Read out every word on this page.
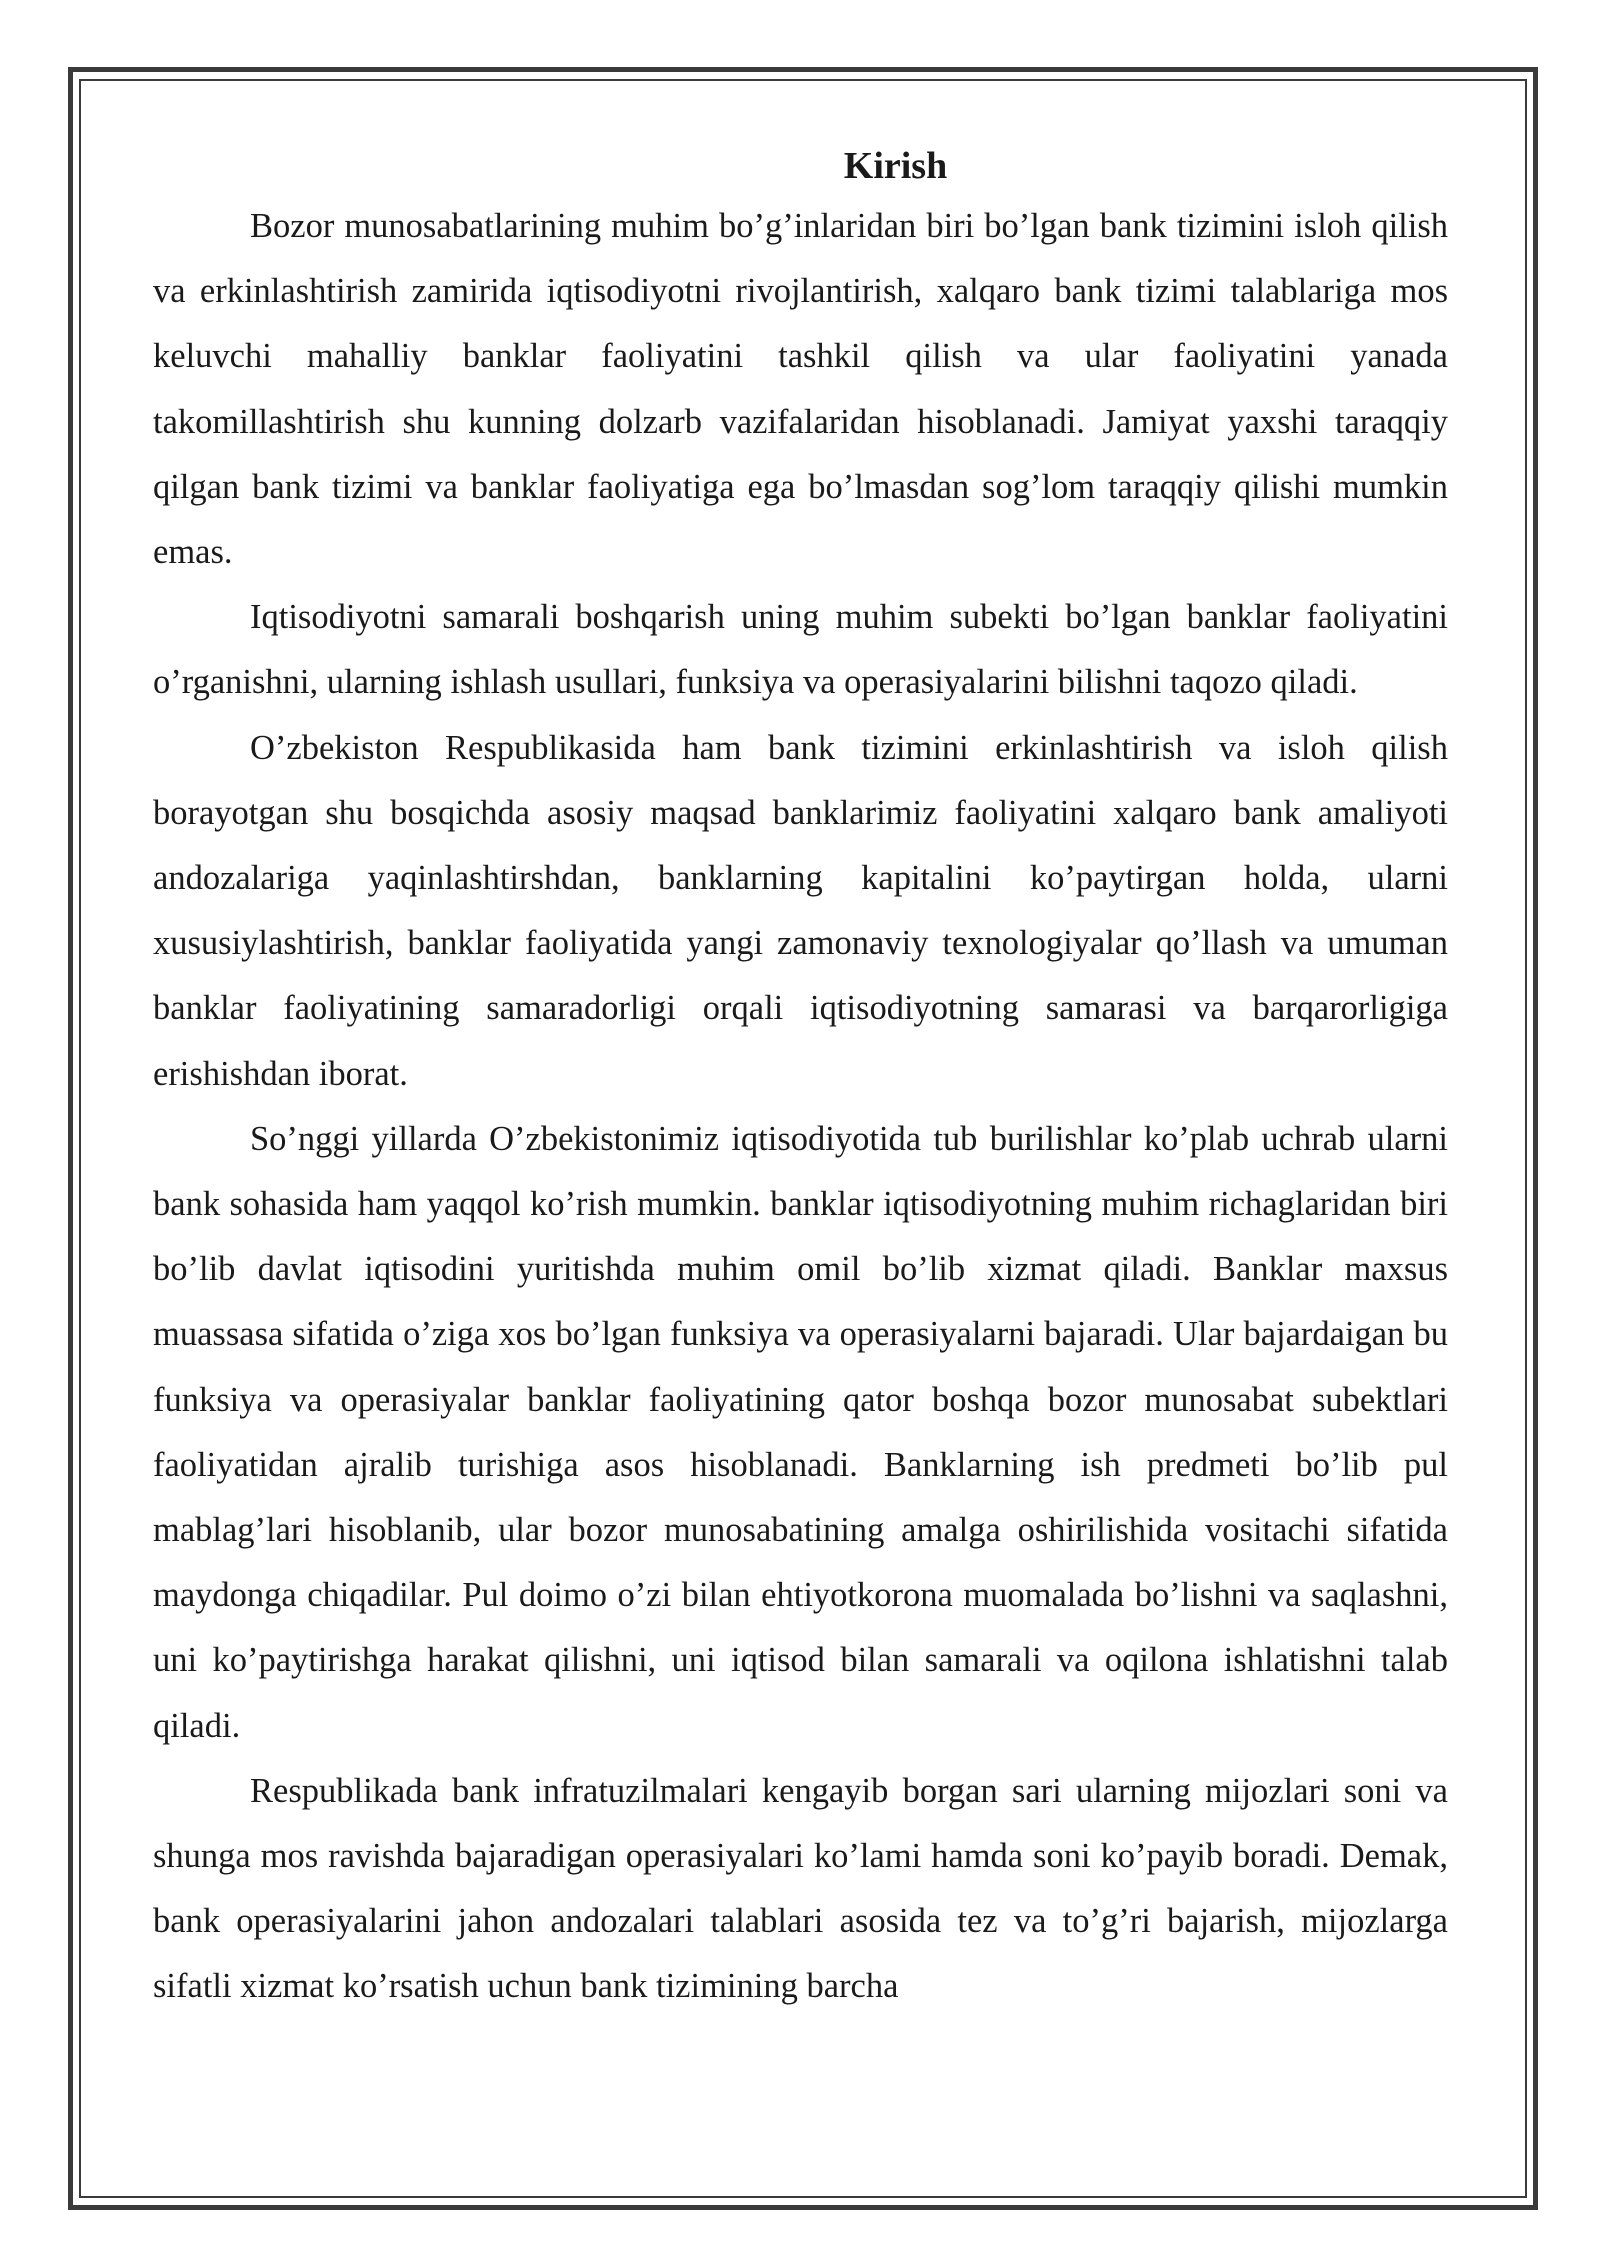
Kirish

Bozor munosabatlarining muhim bo’g’inlaridan biri bo’lgan bank tizimini isloh qilish va erkinlashtirish zamirida iqtisodiyotni rivojlantirish, xalqaro bank tizimi talablariga mos keluvchi mahalliy banklar faoliyatini tashkil qilish va ular faoliyatini yanada takomillashtirish shu kunning dolzarb vazifalaridan hisoblanadi. Jamiyat yaxshi taraqqiy qilgan bank tizimi va banklar faoliyatiga ega bo’lmasdan sog’lom taraqqiy qilishi mumkin emas.

Iqtisodiyotni samarali boshqarish uning muhim subekti bo’lgan banklar faoliyatini o’rganishni, ularning ishlash usullari, funksiya va operasiyalarini bilishni taqozo qiladi.

O’zbekiston Respublikasida ham bank tizimini erkinlashtirish va isloh qilish borayotgan shu bosqichda asosiy maqsad banklarimiz faoliyatini xalqaro bank amaliyoti andozalariga yaqinlashtirshdan, banklarning kapitalini ko’paytirgan holda, ularni xususiylashtirish, banklar faoliyatida yangi zamonaviy texnologiyalar qo’llash va umuman banklar faoliyatining samaradorligi orqali iqtisodiyotning samarasi va barqarorligiga erishishdan iborat.

So’nggi yillarda O’zbekistonimiz iqtisodiyotida tub burilishlar ko’plab uchrab ularni bank sohasida ham yaqqol ko’rish mumkin. banklar iqtisodiyotning muhim richaglaridan biri bo’lib davlat iqtisodini yuritishda muhim omil bo’lib xizmat qiladi. Banklar maxsus muassasa sifatida o’ziga xos bo’lgan funksiya va operasiyalarni bajaradi. Ular bajardaigan bu funksiya va operasiyalar banklar faoliyatining qator boshqa bozor munosabat subektlari faoliyatidan ajralib turishiga asos hisoblanadi. Banklarning ish predmeti bo’lib pul mablag’lari hisoblanib, ular bozor munosabatining amalga oshirilishida vositachi sifatida maydonga chiqadilar. Pul doimo o’zi bilan ehtiyotkorona muomalada bo’lishni va saqlashni, uni ko’paytirishga harakat qilishni, uni iqtisod bilan samarali va oqilona ishlatishni talab qiladi.

Respublikada bank infratuzilmalari kengayib borgan sari ularning mijozlari soni va shunga mos ravishda bajaradigan operasiyalari ko’lami hamda soni ko’payib boradi. Demak, bank operasiyalarini jahon andozalari talablari asosida tez va to’g’ri bajarish, mijozlarga sifatli xizmat ko’rsatish uchun bank tizimining barcha
